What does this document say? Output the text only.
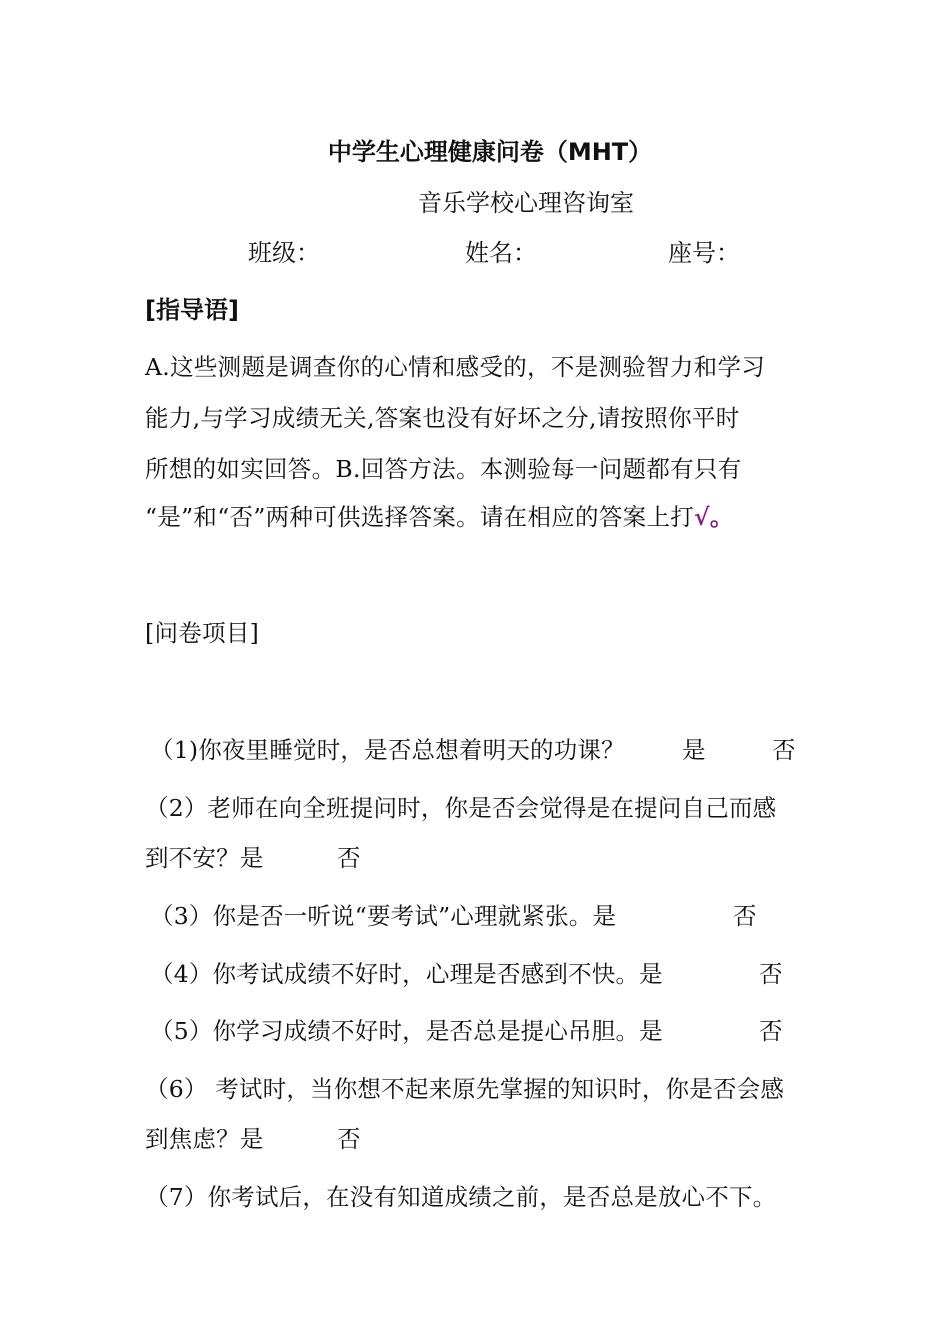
中学生心理健康问卷（MHT）
音乐学校心理咨询室
班级：	姓名：	座号：
[指导语]
A.这些测题是调查你的心情和感受的，不是测验智力和学习
能力,与学习成绩无关,答案也没有好坏之分,请按照你平时
所想的如实回答。B.回答方法。本测验每一问题都有只有
“是”和“否”两种可供选择答案。请在相应的答案上打√。
[问卷项目]
（1)你夜里睡觉时，是否总想着明天的功课？ 是	否
（2）老师在向全班提问时，你是否会觉得是在提问自己而感
到不安？是	否
（3）你是否一听说“要考试”心理就紧张。是	否
（4）你考试成绩不好时，心理是否感到不快。是	否
（5）你学习成绩不好时，是否总是提心吊胆。是	否
（6） 考试时，当你想不起来原先掌握的知识时，你是否会感
到焦虑？是	否
（7）你考试后，在没有知道成绩之前，是否总是放心不下。
